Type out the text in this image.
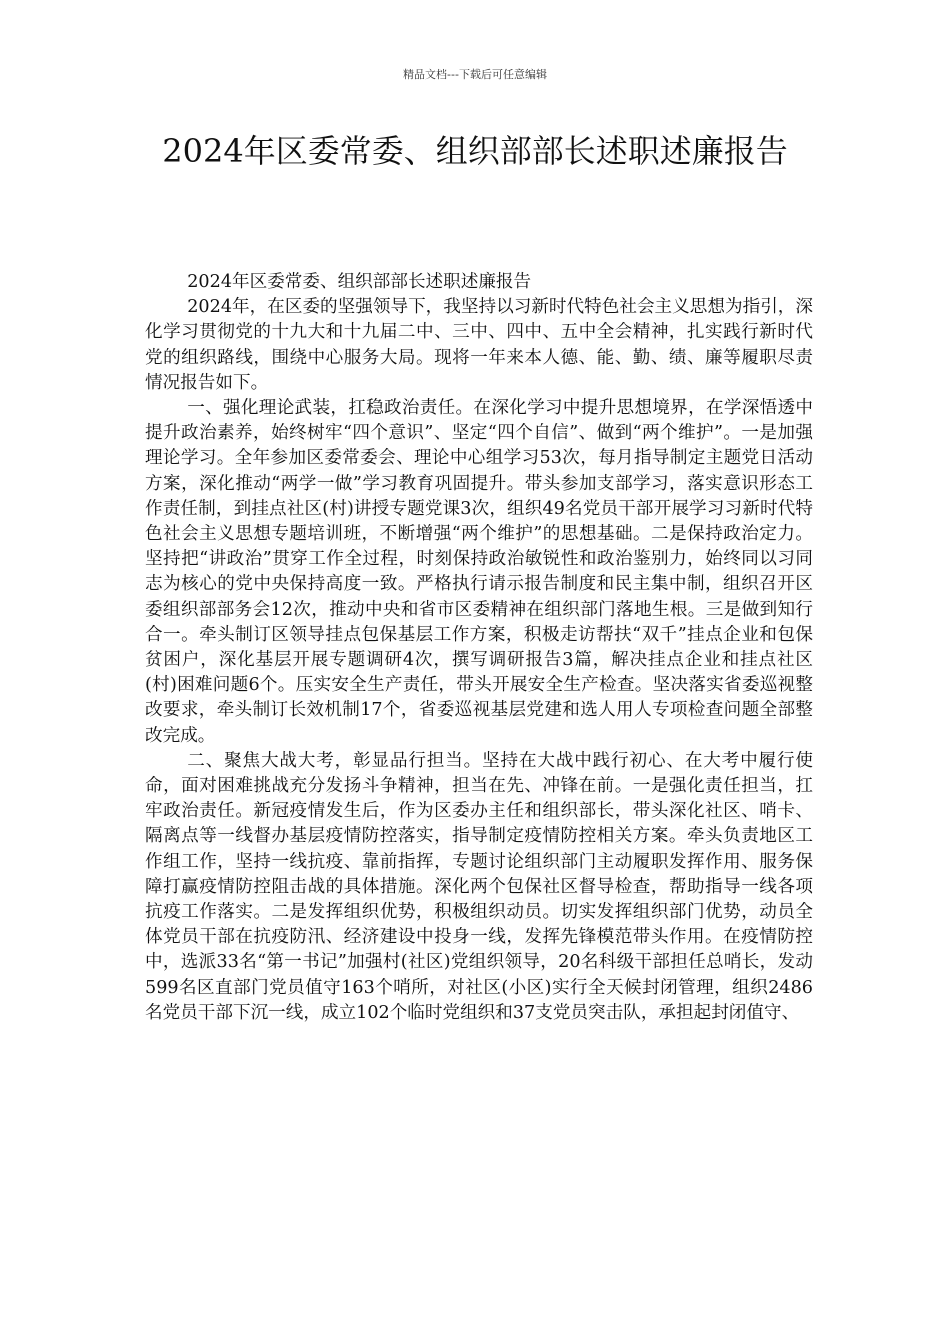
精品文档---下载后可任意编辑
2024年区委常委、组织部部长述职述廉报告

2024年区委常委、组织部部长述职述廉报告

2024年，在区委的坚强领导下，我坚持以习新时代特色社会主义思想为指引，深化学习贯彻党的十九大和十九届二中、三中、四中、五中全会精神，扎实践行新时代党的组织路线，围绕中心服务大局。现将一年来本人德、能、勤、绩、廉等履职尽责情况报告如下。

一、强化理论武装，扛稳政治责任。在深化学习中提升思想境界，在学深悟透中提升政治素养，始终树牢“四个意识”、坚定“四个自信”、做到“两个维护”。一是加强理论学习。全年参加区委常委会、理论中心组学习53次，每月指导制定主题党日活动方案，深化推动“两学一做”学习教育巩固提升。带头参加支部学习，落实意识形态工作责任制，到挂点社区(村)讲授专题党课3次，组织49名党员干部开展学习习新时代特色社会主义思想专题培训班，不断增强“两个维护”的思想基础。二是保持政治定力。坚持把“讲政治”贯穿工作全过程，时刻保持政治敏锐性和政治鉴别力，始终同以习同志为核心的党中央保持高度一致。严格执行请示报告制度和民主集中制，组织召开区委组织部部务会12次，推动中央和省市区委精神在组织部门落地生根。三是做到知行合一。牵头制订区领导挂点包保基层工作方案，积极走访帮扶“双千”挂点企业和包保贫困户，深化基层开展专题调研4次，撰写调研报告3篇，解决挂点企业和挂点社区(村)困难问题6个。压实安全生产责任，带头开展安全生产检查。坚决落实省委巡视整改要求，牵头制订长效机制17个，省委巡视基层党建和选人用人专项检查问题全部整改完成。

二、聚焦大战大考，彰显品行担当。坚持在大战中践行初心、在大考中履行使命，面对困难挑战充分发扬斗争精神，担当在先、冲锋在前。一是强化责任担当，扛牢政治责任。新冠疫情发生后，作为区委办主任和组织部长，带头深化社区、哨卡、隔离点等一线督办基层疫情防控落实，指导制定疫情防控相关方案。牵头负责地区工作组工作，坚持一线抗疫、靠前指挥，专题讨论组织部门主动履职发挥作用、服务保障打赢疫情防控阻击战的具体措施。深化两个包保社区督导检查，帮助指导一线各项抗疫工作落实。二是发挥组织优势，积极组织动员。切实发挥组织部门优势，动员全体党员干部在抗疫防汛、经济建设中投身一线，发挥先锋模范带头作用。在疫情防控中，选派33名“第一书记”加强村(社区)党组织领导，20名科级干部担任总哨长，发动599名区直部门党员值守163个哨所，对社区(小区)实行全天候封闭管理，组织2486名党员干部下沉一线，成立102个临时党组织和37支党员突击队，承担起封闭值守、
